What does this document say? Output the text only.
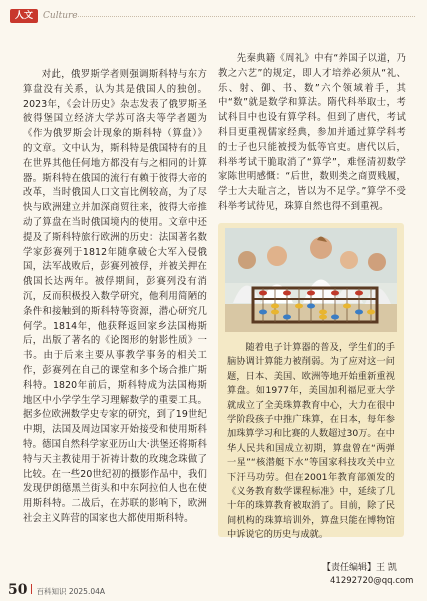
人文	Culture

对此，俄罗斯学者则强调斯科特与东方算盘没有关系，认为其是俄国人的独创。2023年，《会计历史》杂志发表了俄罗斯圣彼得堡国立经济大学苏可洛夫等学者题为《作为俄罗斯会计现象的斯科特（算盘）》的文章。文中认为，斯科特是俄国特有的且在世界其他任何地方都没有与之相同的计算器。斯科特在俄国的流行有赖于彼得大帝的改革，当时俄国人口文盲比例较高，为了尽快与欧洲建立并加深商贸往来，彼得大帝推动了算盘在当时俄国境内的使用。文章中还提及了斯科特旅行欧洲的历史：法国著名数学家彭赛列于1812年随拿破仑大军入侵俄国，法军战败后，彭赛列被俘，并被关押在俄国长达两年。被俘期间，彭赛列没有消沉，反而积极投入数学研究，他利用简陋的条件和接触到的斯科特等资源，潜心研究几何学。1814年，他获释返回家乡法国梅斯后，出版了著名的《论图形的射影性质》一书。由于后来主要从事教学事务的相关工作，彭赛列在自己的课堂和多个场合推广斯科特。1820年前后，斯科特成为法国梅斯地区中小学学生学习理解数学的重要工具。据多位欧洲数学史专家的研究，到了19世纪中期，法国及周边国家开始接受和使用斯科特。德国自然科学家亚历山大·洪堡还将斯科特与天主教徒用于祈祷计数的玫瑰念珠做了比较。在一些20世纪初的摄影作品中，我们发现伊朗德黑兰街头和中东阿拉伯人也在使用斯科特。二战后，在苏联的影响下，欧洲社会主义阵营的国家也大都使用斯科特。

先秦典籍《周礼》中有“养国子以道，乃教之六艺”的规定，即人才培养必须从“礼、乐、射、御、书、数”六个领域着手，其中“数”就是数学和算法。隋代科举取士，考试科目中也设有算学科。但到了唐代，考试科目更重视儒家经典，参加并通过算学科考的士子也只能被授为低等官吏。唐代以后，科举考试干脆取消了“算学”，难怪清初数学家陈世明感慨：“后世，数则类之商贾贱履，学士大夫耻言之，皆以为不足学。”算学不受科举考试待见，珠算自然也得不到重视。

随着电子计算器的普及，学生们的手脑协调计算能力被削弱。为了应对这一问题，日本、美国、欧洲等地开始重新重视算盘。如1977年，美国加利福尼亚大学就成立了全美珠算教育中心，大力在很中学阶段孩子中推广珠算，在日本，每年参加珠算学习和比赛的人数超过30万。在中华人民共和国成立初期，算盘曾在“两弹一星”“核潜艇下水”等国家科技攻关中立下汗马功劳。但在2001年教育部颁发的《义务教育数学课程标准》中，延续了几十年的珠算教育被取消了。目前，除了民间机构的珠算培训外，算盘只能在博物馆中诉说它的历史与成就。

【责任编辑】王 凯
41292720@qq.com
50 百科知识 2025.04A
